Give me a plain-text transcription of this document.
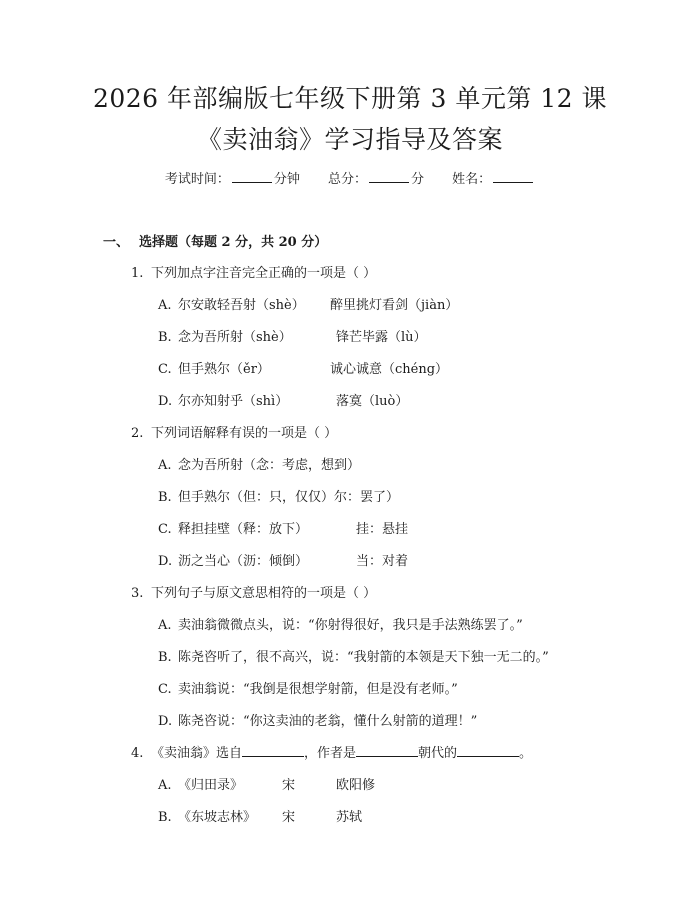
2026 年部编版七年级下册第 3 单元第 12 课
《卖油翁》学习指导及答案
考试时间：	分钟 总分：	分 姓名：
一、 选择题（每题 2 分，共 20 分）
1. 下列加点字注音完全正确的一项是（ ）
A. 尔安敢轻吾射（shè） 醉里挑灯看剑（jiàn）
B. 念为吾所射（shè）	锋芒毕露（lù）
C. 但手熟尔（ěr）	诚心诚意（chéng）
D. 尔亦知射乎（shì）	落寞（luò）
2. 下列词语解释有误的一项是（ ）
A. 念为吾所射（念：考虑，想到）
B. 但手熟尔（但：只，仅仅）尔：罢了）
C. 释担挂壁（释：放下）	挂：悬挂
D. 沥之当心（沥：倾倒）	当：对着
3. 下列句子与原文意思相符的一项是（ ）
A. 卖油翁微微点头，说：“你射得很好，我只是手法熟练罢了。”
B. 陈尧咨听了，很不高兴，说：“我射箭的本领是天下独一无二的。”
C. 卖油翁说：“我倒是很想学射箭，但是没有老师。”
D. 陈尧咨说：“你这卖油的老翁，懂什么射箭的道理！”
4. 《卖油翁》选自	，作者是	朝代的	。
A. 《归田录》	宋	欧阳修
B. 《东坡志林》 宋	苏轼
